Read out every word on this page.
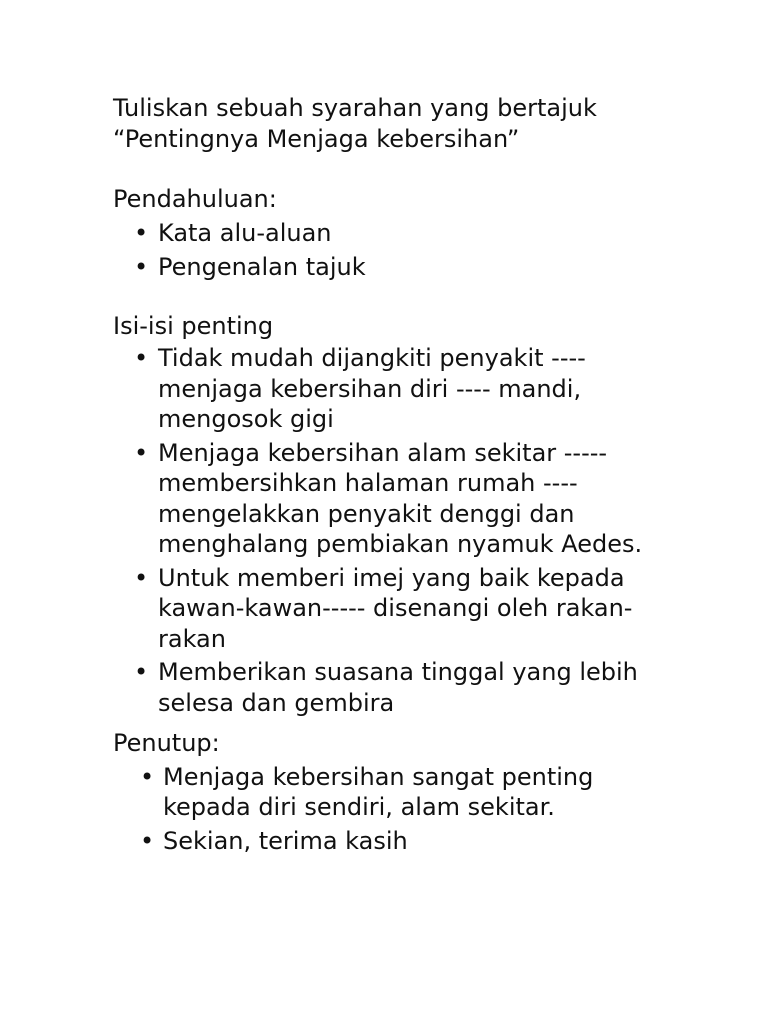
Tuliskan sebuah syarahan yang bertajuk

“Pentingnya Menjaga kebersihan”

Pendahuluan:

• Kata alu-aluan
• Pengenalan tajuk

Isi-isi penting

• Tidak mudah dijangkiti penyakit ---- menjaga kebersihan diri ---- mandi, mengosok gigi
• Menjaga kebersihan alam sekitar ----- membersihkan halaman rumah ---- mengelakkan penyakit denggi dan menghalang pembiakan nyamuk Aedes.
• Untuk memberi imej yang baik kepada kawan-kawan----- disenangi oleh rakan-rakan
• Memberikan suasana tinggal yang lebih selesa dan gembira

Penutup:

• Menjaga kebersihan sangat penting kepada diri sendiri, alam sekitar.
• Sekian, terima kasih
